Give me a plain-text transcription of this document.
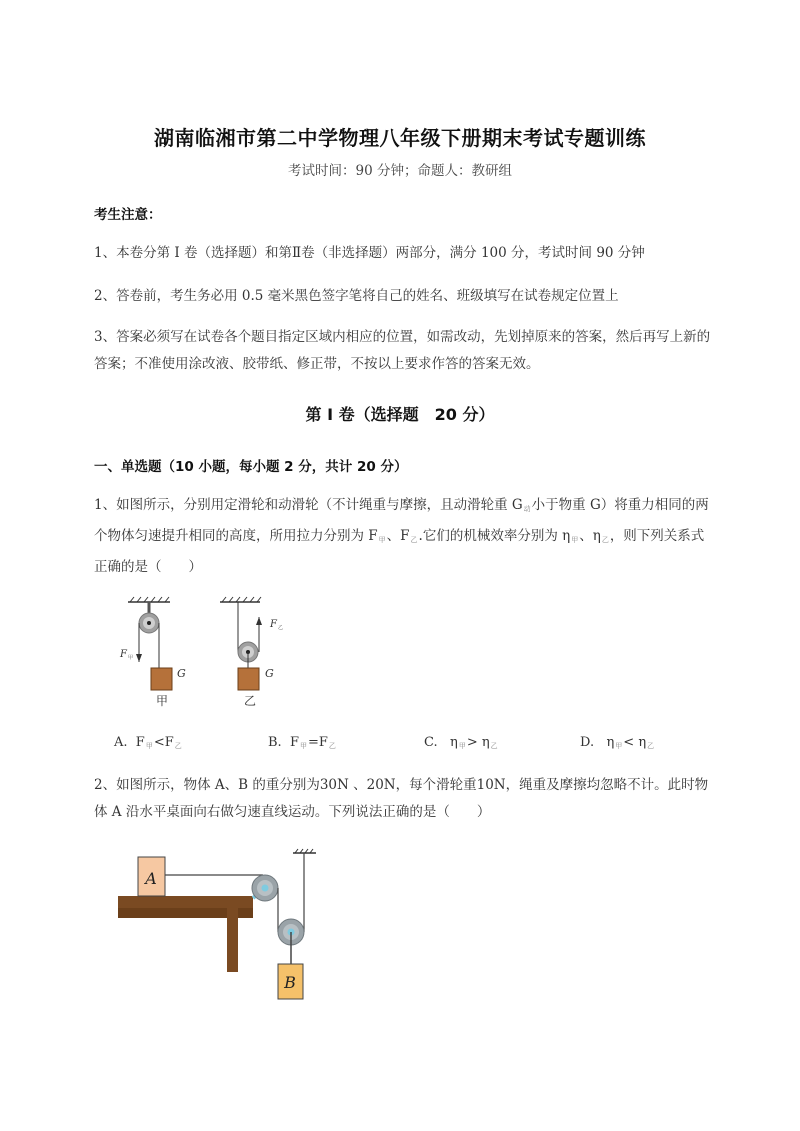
湖南临湘市第二中学物理八年级下册期末考试专题训练
考试时间：90 分钟；命题人：教研组
考生注意：
1、本卷分第 I 卷（选择题）和第Ⅱ卷（非选择题）两部分，满分 100 分，考试时间 90 分钟
2、答卷前，考生务必用 0.5 毫米黑色签字笔将自己的姓名、班级填写在试卷规定位置上
3、答案必须写在试卷各个题目指定区域内相应的位置，如需改动，先划掉原来的答案，然后再写上新的答案；不准使用涂改液、胶带纸、修正带，不按以上要求作答的答案无效。
第 I 卷（选择题　20 分）
一、单选题（10 小题，每小题 2 分，共计 20 分）
1、如图所示，分别用定滑轮和动滑轮（不计绳重与摩擦，且动滑轮重 $G_动$小于物重 G）将重力相同的两个物体匀速提升相同的高度，所用拉力分别为 $F_甲$、$F_乙$.它们的机械效率分别为 $\eta_甲$、$\eta_乙$，则下列关系式正确的是（　　）
F 甲
G
F 乙
G
甲	乙
A. $F_甲<F_乙$	B. $F_甲=F_乙$	C. $\eta_甲> \eta_乙$	D. $\eta_甲< \eta_乙$
2、如图所示，物体 A、B 的重分别为30N 、20N，每个滑轮重10N，绳重及摩擦均忽略不计。此时物体 A 沿水平桌面向右做匀速直线运动。下列说法正确的是（　　）
A
B
